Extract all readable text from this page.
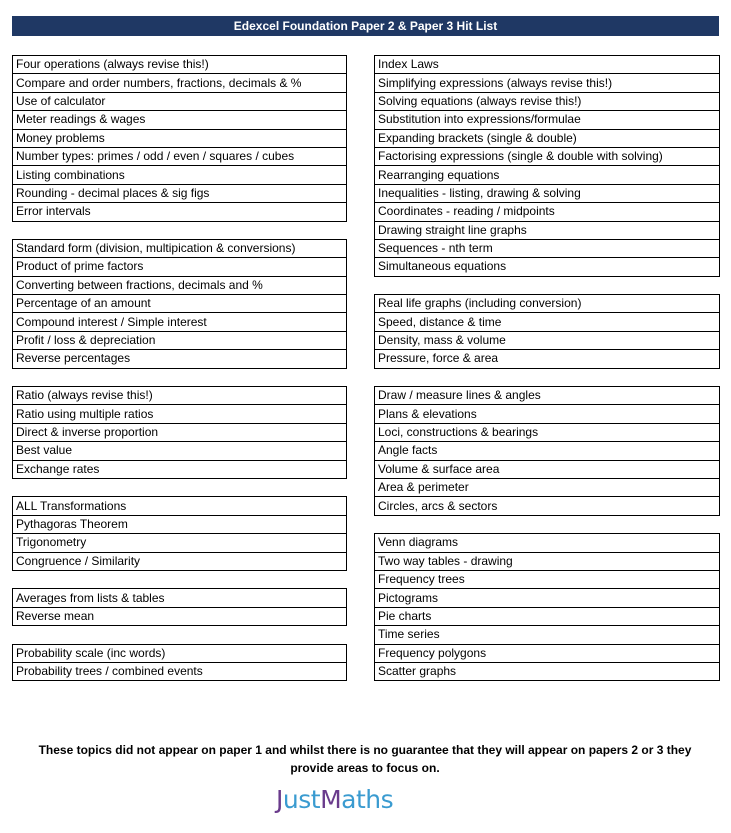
Edexcel Foundation Paper 2 & Paper 3 Hit List
Four operations (always revise this!)
Compare and order numbers, fractions, decimals & %
Use of calculator
Meter readings & wages
Money problems
Number types: primes / odd / even / squares / cubes
Listing combinations
Rounding - decimal places & sig figs
Error intervals

Standard form (division, multipication & conversions)
Product of prime factors
Converting between fractions, decimals and %
Percentage of an amount
Compound interest / Simple interest
Profit / loss & depreciation
Reverse percentages

Ratio (always revise this!)
Ratio using multiple ratios
Direct & inverse proportion
Best value
Exchange rates

ALL Transformations
Pythagoras Theorem
Trigonometry
Congruence / Similarity

Averages from lists & tables
Reverse mean

Probability scale (inc words)
Probability trees / combined events
Index Laws
Simplifying expressions (always revise this!)
Solving equations (always revise this!)
Substitution into expressions/formulae
Expanding brackets (single & double)
Factorising expressions (single & double with solving)
Rearranging equations
Inequalities - listing, drawing & solving
Coordinates - reading / midpoints
Drawing straight line graphs
Sequences - nth term
Simultaneous equations

Real life graphs (including conversion)
Speed, distance & time
Density, mass & volume
Pressure, force & area

Draw / measure lines & angles
Plans & elevations
Loci, constructions & bearings
Angle facts
Volume & surface area
Area & perimeter
Circles, arcs & sectors

Venn diagrams
Two way tables - drawing
Frequency trees
Pictograms
Pie charts
Time series
Frequency polygons
Scatter graphs
These topics did not appear on paper 1 and whilst there is no guarantee that they will appear on papers 2 or 3 they provide areas to focus on.
J u s t M a t h s
